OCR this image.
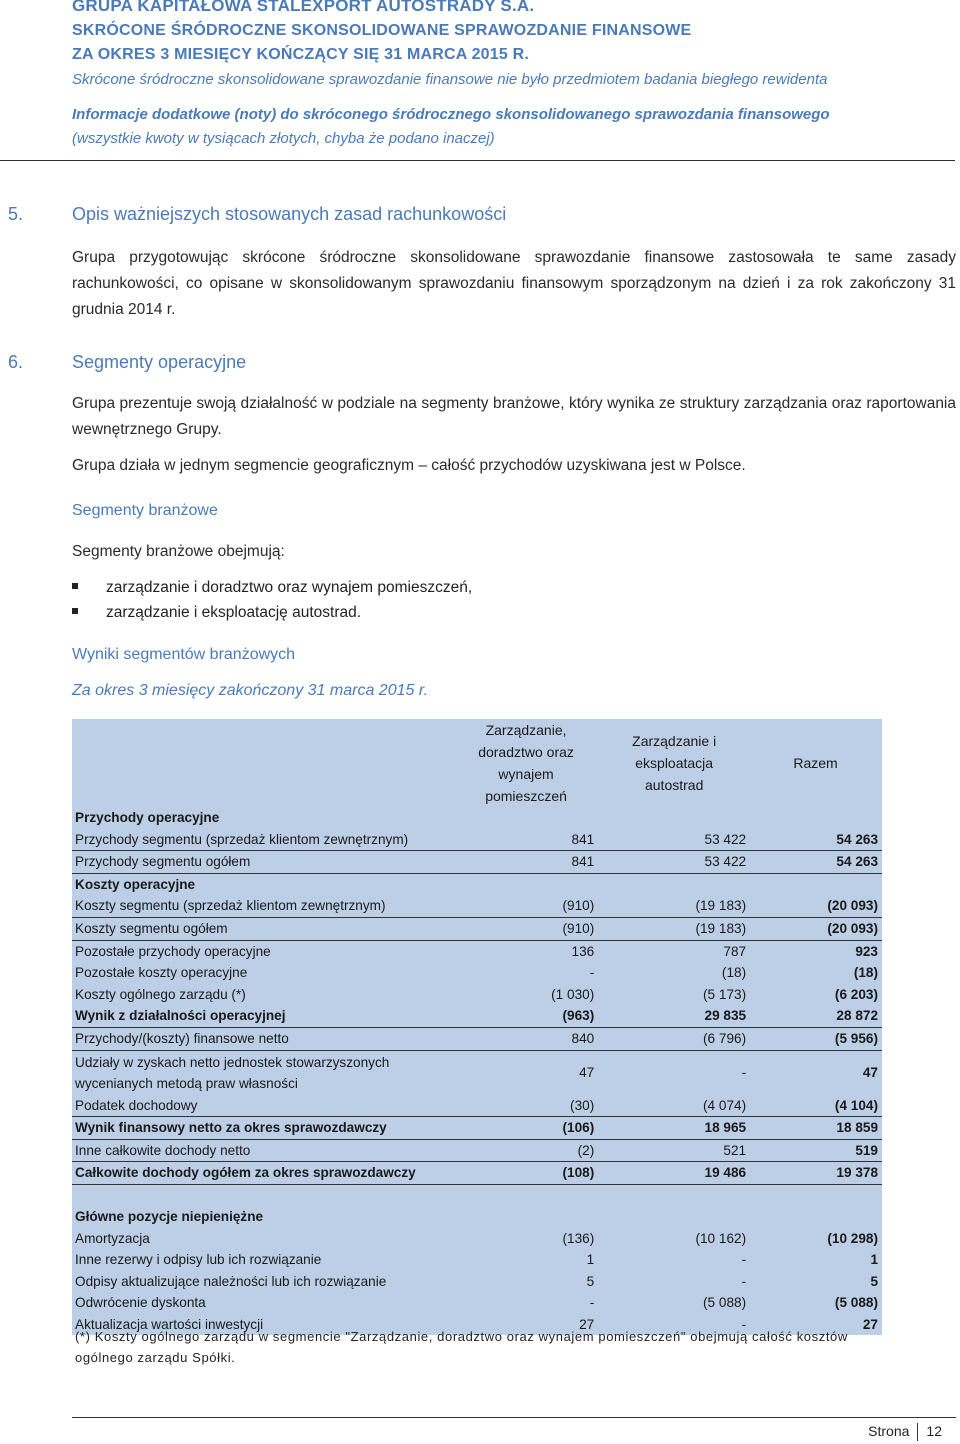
GRUPA KAPITAŁOWA STALEXPORT AUTOSTRADY S.A.
SKRÓCONE ŚRÓDROCZNE SKONSOLIDOWANE SPRAWOZDANIE FINANSOWE
ZA OKRES 3 MIESIĘCY KOŃCZĄCY SIĘ 31 MARCA 2015 R.
Skrócone śródroczne skonsolidowane sprawozdanie finansowe nie było przedmiotem badania biegłego rewidenta
Informacje dodatkowe (noty) do skróconego śródrocznego skonsolidowanego sprawozdania finansowego
(wszystkie kwoty w tysiącach złotych, chyba że podano inaczej)
5.	Opis ważniejszych stosowanych zasad rachunkowości
Grupa przygotowując skrócone śródroczne skonsolidowane sprawozdanie finansowe zastosowała te same zasady rachunkowości, co opisane w skonsolidowanym sprawozdaniu finansowym sporządzonym na dzień i za rok zakończony 31 grudnia 2014 r.
6.	Segmenty operacyjne
Grupa prezentuje swoją działalność w podziale na segmenty branżowe, który wynika ze struktury zarządzania oraz raportowania wewnętrznego Grupy.
Grupa działa w jednym segmencie geograficznym – całość przychodów uzyskiwana jest w Polsce.
Segmenty branżowe
Segmenty branżowe obejmują:
zarządzanie i doradztwo oraz wynajem pomieszczeń,
zarządzanie i eksploatację autostrad.
Wyniki segmentów branżowych
Za okres 3 miesięcy zakończony 31 marca 2015 r.
	Zarządzanie, doradztwo oraz wynajem pomieszczeń	Zarządzanie i eksploatacja autostrad	Razem
Przychody operacyjne			
Przychody segmentu (sprzedaż klientom zewnętrznym)	841	53 422	54 263
Przychody segmentu ogółem	841	53 422	54 263
Koszty operacyjne			
Koszty segmentu (sprzedaż klientom zewnętrznym)	(910)	(19 183)	(20 093)
Koszty segmentu ogółem	(910)	(19 183)	(20 093)
Pozostałe przychody operacyjne	136	787	923
Pozostałe koszty operacyjne	-	(18)	(18)
Koszty ogólnego zarządu (*)	(1 030)	(5 173)	(6 203)
Wynik z działalności operacyjnej	(963)	29 835	28 872
Przychody/(koszty) finansowe netto	840	(6 796)	(5 956)
Udziały w zyskach netto jednostek stowarzyszonych wycenianych metodą praw własności	47	-	47
Podatek dochodowy	(30)	(4 074)	(4 104)
Wynik finansowy netto za okres sprawozdawczy	(106)	18 965	18 859
Inne całkowite dochody netto	(2)	521	519
Całkowite dochody ogółem za okres sprawozdawczy	(108)	19 486	19 378

Główne pozycje niepieniężne			
Amortyzacja	(136)	(10 162)	(10 298)
Inne rezerwy i odpisy lub ich rozwiązanie	1	-	1
Odpisy aktualizujące należności lub ich rozwiązanie	5	-	5
Odwrócenie dyskonta	-	(5 088)	(5 088)
Aktualizacja wartości inwestycji	27	-	27
(*) Koszty ogólnego zarządu w segmencie "Zarządzanie, doradztwo oraz wynajem pomieszczeń" obejmują całość kosztów ogólnego zarządu Spółki.
Strona 12
